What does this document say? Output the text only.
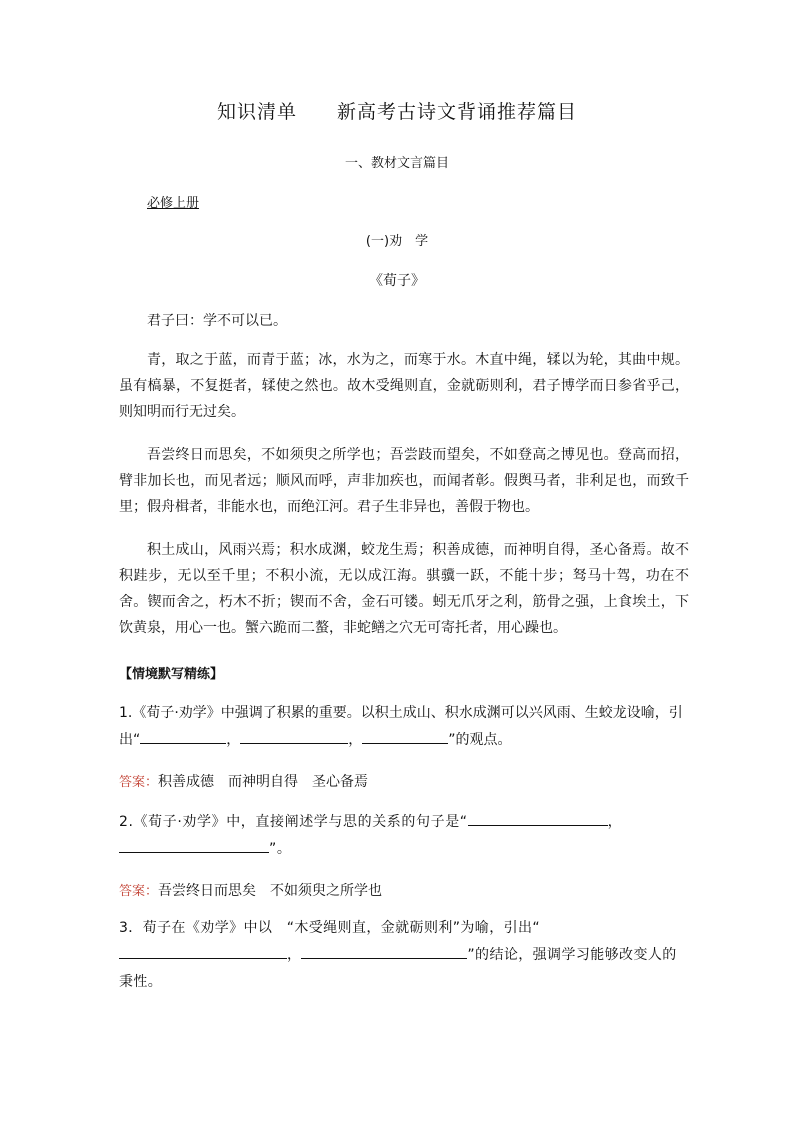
知识清单　　新高考古诗文背诵推荐篇目
一、教材文言篇目
必修上册
(一)劝　学
《荀子》
君子曰：学不可以已。
青，取之于蓝，而青于蓝；冰，水为之，而寒于水。木直中绳，𫐓以为轮，其曲中规。虽有槁暴，不复挺者，𫐓使之然也。故木受绳则直，金就砺则利，君子博学而日参省乎己，则知明而行无过矣。
吾尝终日而思矣，不如须臾之所学也；吾尝跂而望矣，不如登高之博见也。登高而招，臂非加长也，而见者远；顺风而呼，声非加疾也，而闻者彰。假舆马者，非利足也，而致千里；假舟楫者，非能水也，而绝江河。君子生非异也，善假于物也。
积土成山，风雨兴焉；积水成渊，蛟龙生焉；积善成德，而神明自得，圣心备焉。故不积跬步，无以至千里；不积小流，无以成江海。骐骥一跃，不能十步；驽马十驾，功在不舍。锲而舍之，朽木不折；锲而不舍，金石可镂。蚓无爪牙之利，筋骨之强，上食埃土，下饮黄泉，用心一也。蟹六跪而二螯，非蛇鳝之穴无可寄托者，用心躁也。
【情境默写精练】
1.《荀子·劝学》中强调了积累的重要。以积土成山、积水成渊可以兴风雨、生蛟龙设喻，引出“	，	，	”的观点。
答案：积善成德　而神明自得　圣心备焉
2.《荀子·劝学》中，直接阐述学与思的关系的句子是“	，”。
答案：吾尝终日而思矣　不如须臾之所学也
3．荀子在《劝学》中以　“木受绳则直，金就砺则利”为喻，引出“，	”的结论，强调学习能够改变人的秉性。
